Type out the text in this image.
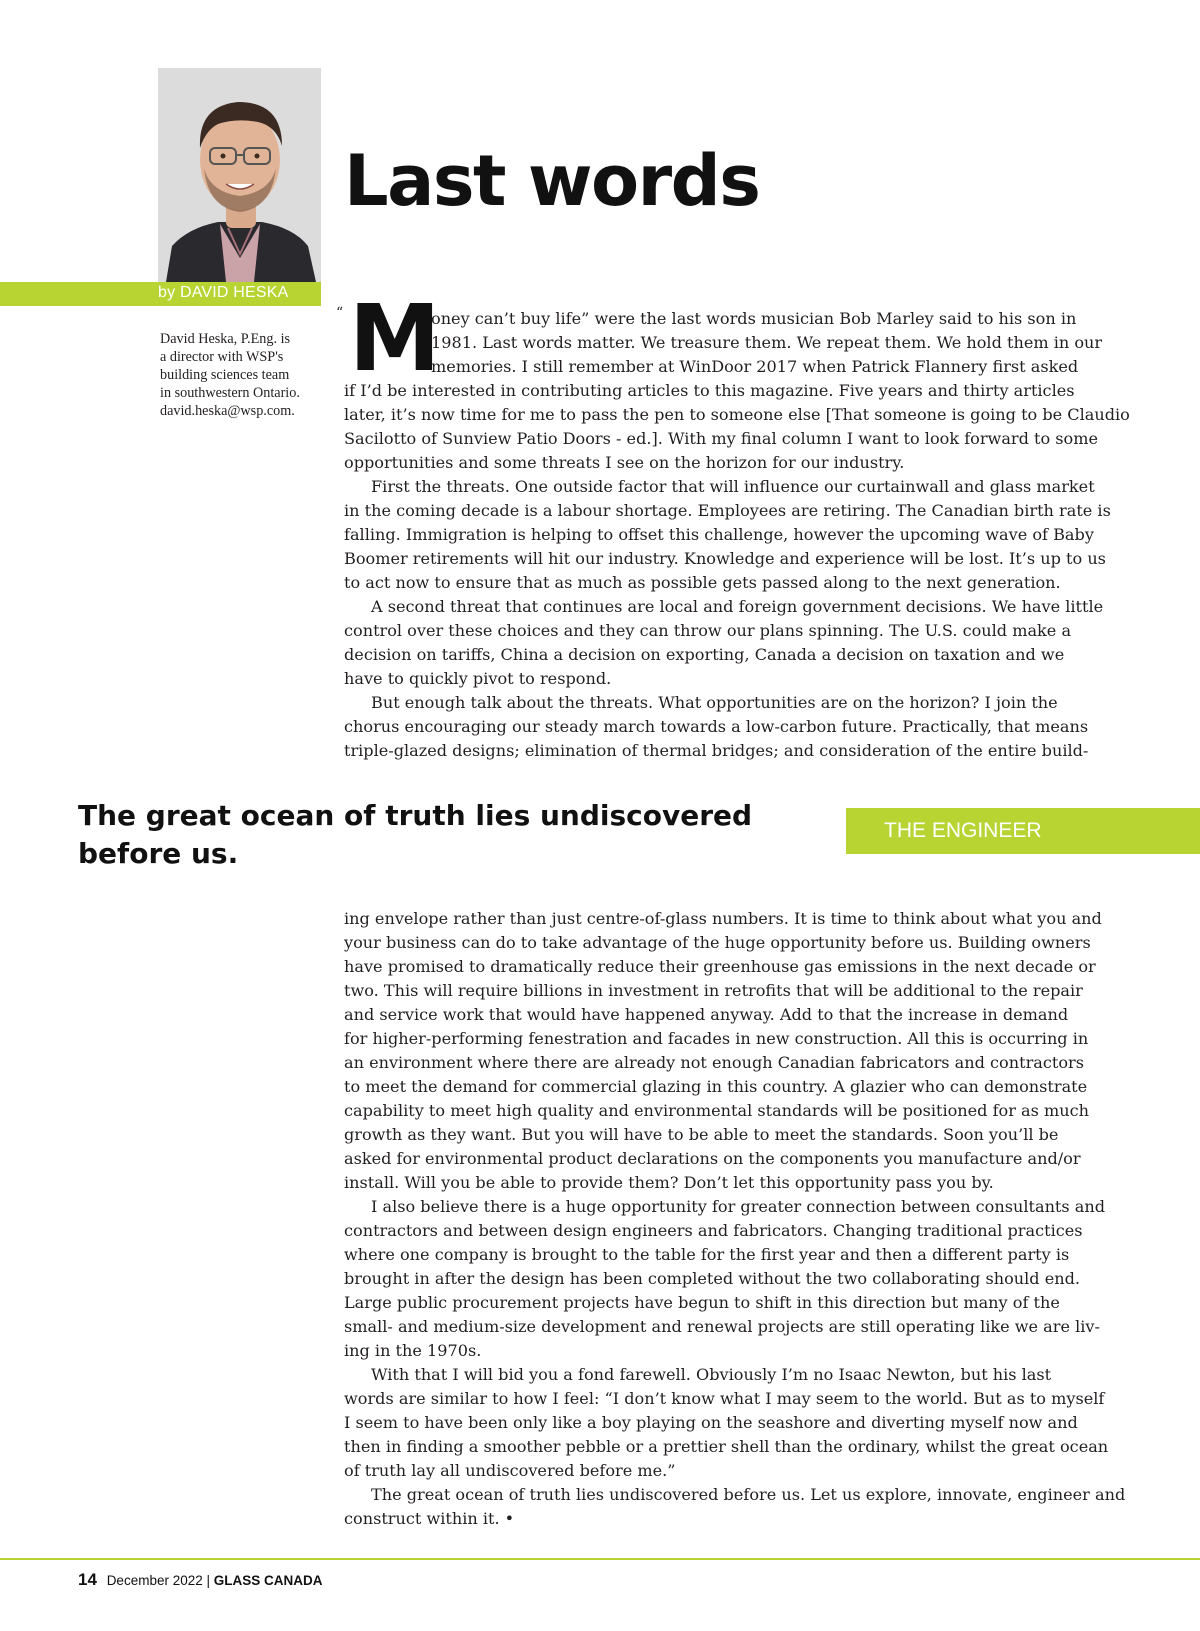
by DAVID HESKA

David Heska, P.Eng. is
a director with WSP's
building sciences team
in southwestern Ontario.
david.heska@wsp.com.

Last words
“ M
oney can’t buy life” were the last words musician Bob Marley said to his son in
1981. Last words matter. We treasure them. We repeat them. We hold them in our
memories. I still remember at WinDoor 2017 when Patrick Flannery first asked
if I’d be interested in contributing articles to this magazine. Five years and thirty articles
later, it’s now time for me to pass the pen to someone else [That someone is going to be Claudio
Sacilotto of Sunview Patio Doors - ed.]. With my final column I want to look forward to some
opportunities and some threats I see on the horizon for our industry.
First the threats. One outside factor that will influence our curtainwall and glass market
in the coming decade is a labour shortage. Employees are retiring. The Canadian birth rate is
falling. Immigration is helping to offset this challenge, however the upcoming wave of Baby
Boomer retirements will hit our industry. Knowledge and experience will be lost. It’s up to us
to act now to ensure that as much as possible gets passed along to the next generation.
A second threat that continues are local and foreign government decisions. We have little
control over these choices and they can throw our plans spinning. The U.S. could make a
decision on tariffs, China a decision on exporting, Canada a decision on taxation and we
have to quickly pivot to respond.
But enough talk about the threats. What opportunities are on the horizon? I join the
chorus encouraging our steady march towards a low-carbon future. Practically, that means
triple-glazed designs; elimination of thermal bridges; and consideration of the entire build-
The great ocean of truth lies undiscovered
before us.
THE ENGINEER
ing envelope rather than just centre-of-glass numbers. It is time to think about what you and
your business can do to take advantage of the huge opportunity before us. Building owners
have promised to dramatically reduce their greenhouse gas emissions in the next decade or
two. This will require billions in investment in retrofits that will be additional to the repair
and service work that would have happened anyway. Add to that the increase in demand
for higher-performing fenestration and facades in new construction. All this is occurring in
an environment where there are already not enough Canadian fabricators and contractors
to meet the demand for commercial glazing in this country. A glazier who can demonstrate
capability to meet high quality and environmental standards will be positioned for as much
growth as they want. But you will have to be able to meet the standards. Soon you’ll be
asked for environmental product declarations on the components you manufacture and/or
install. Will you be able to provide them? Don’t let this opportunity pass you by.
I also believe there is a huge opportunity for greater connection between consultants and
contractors and between design engineers and fabricators. Changing traditional practices
where one company is brought to the table for the first year and then a different party is
brought in after the design has been completed without the two collaborating should end.
Large public procurement projects have begun to shift in this direction but many of the
small- and medium-size development and renewal projects are still operating like we are liv-
ing in the 1970s.
With that I will bid you a fond farewell. Obviously I’m no Isaac Newton, but his last
words are similar to how I feel: “I don’t know what I may seem to the world. But as to myself
I seem to have been only like a boy playing on the seashore and diverting myself now and
then in finding a smoother pebble or a prettier shell than the ordinary, whilst the great ocean
of truth lay all undiscovered before me.”
The great ocean of truth lies undiscovered before us. Let us explore, innovate, engineer and
construct within it. •
14 December 2022 | GLASS CANADA
